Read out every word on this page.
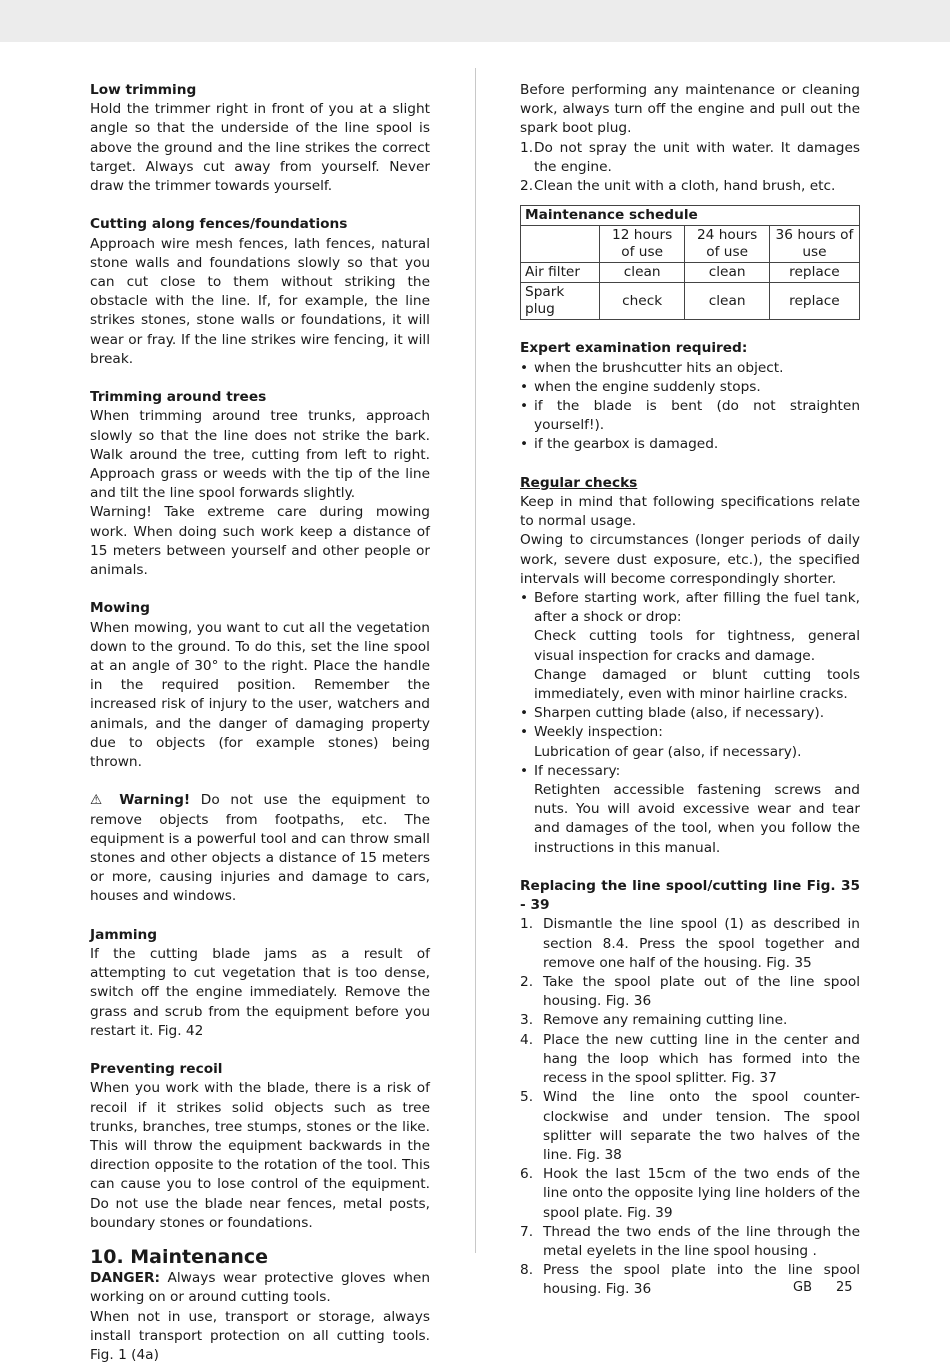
Low trimming

Hold the trimmer right in front of you at a slight angle so that the underside of the line spool is above the ground and the line strikes the correct target. Always cut away from yourself. Never draw the trimmer towards yourself.

Cutting along fences/foundations

Approach wire mesh fences, lath fences, natural stone walls and foundations slowly so that you can cut close to them without striking the obstacle with the line. If, for example, the line strikes stones, stone walls or foundations, it will wear or fray. If the line strikes wire fencing, it will break.

Trimming around trees

When trimming around tree trunks, approach slowly so that the line does not strike the bark. Walk around the tree, cutting from left to right. Approach grass or weeds with the tip of the line and tilt the line spool forwards slightly.

Warning! Take extreme care during mowing work. When doing such work keep a distance of 15 meters between yourself and other people or animals.

Mowing

When mowing, you want to cut all the vegetation down to the ground. To do this, set the line spool at an angle of 30° to the right. Place the handle in the required position. Remember the increased risk of injury to the user, watchers and animals, and the danger of damaging property due to objects (for example stones) being thrown.

⚠ Warning! Do not use the equipment to remove objects from footpaths, etc. The equipment is a powerful tool and can throw small stones and other objects a distance of 15 meters or more, causing injuries and damage to cars, houses and windows.

Jamming

If the cutting blade jams as a result of attempting to cut vegetation that is too dense, switch off the engine immediately. Remove the grass and scrub from the equipment before you restart it. Fig. 42

Preventing recoil

When you work with the blade, there is a risk of recoil if it strikes solid objects such as tree trunks, branches, tree stumps, stones or the like. This will throw the equipment backwards in the direction opposite to the rotation of the tool. This can cause you to lose control of the equipment. Do not use the blade near fences, metal posts, boundary stones or foundations.

10. Maintenance

DANGER: Always wear protective gloves when working on or around cutting tools.

When not in use, transport or storage, always install transport protection on all cutting tools. Fig. 1 (4a)

Before performing any maintenance or cleaning work, always turn off the engine and pull out the spark boot plug.

1. Do not spray the unit with water. It damages the engine.
2. Clean the unit with a cloth, hand brush, etc.
Maintenance schedule			
	12 hours of use	24 hours of use	36 hours of use
Air filter	clean	clean	replace
Spark plug	check	clean	replace

Expert examination required:

• when the brushcutter hits an object.
• when the engine suddenly stops.
• if the blade is bent (do not straighten yourself!).
• if the gearbox is damaged.

Regular checks

Keep in mind that following specifications relate to normal usage.

Owing to circumstances (longer periods of daily work, severe dust exposure, etc.), the specified intervals will become correspondingly shorter.

• Before starting work, after filling the fuel tank, after a shock or drop:
Check cutting tools for tightness, general visual inspection for cracks and damage.
Change damaged or blunt cutting tools immediately, even with minor hairline cracks.
• Sharpen cutting blade (also, if necessary).
• Weekly inspection:
Lubrication of gear (also, if necessary).
• If necessary:
Retighten accessible fastening screws and nuts. You will avoid excessive wear and tear and damages of the tool, when you follow the instructions in this manual.

Replacing the line spool/cutting line Fig. 35 - 39

1. Dismantle the line spool (1) as described in section 8.4. Press the spool together and remove one half of the housing. Fig. 35
2. Take the spool plate out of the line spool housing. Fig. 36
3. Remove any remaining cutting line.
4. Place the new cutting line in the center and hang the loop which has formed into the recess in the spool splitter. Fig. 37
5. Wind the line onto the spool counter-clockwise and under tension. The spool splitter will separate the two halves of the line. Fig. 38
6. Hook the last 15cm of the two ends of the line onto the opposite lying line holders of the spool plate. Fig. 39
7. Thread the two ends of the line through the metal eyelets in the line spool housing .
8. Press the spool plate into the line spool housing. Fig. 36	GB 25
